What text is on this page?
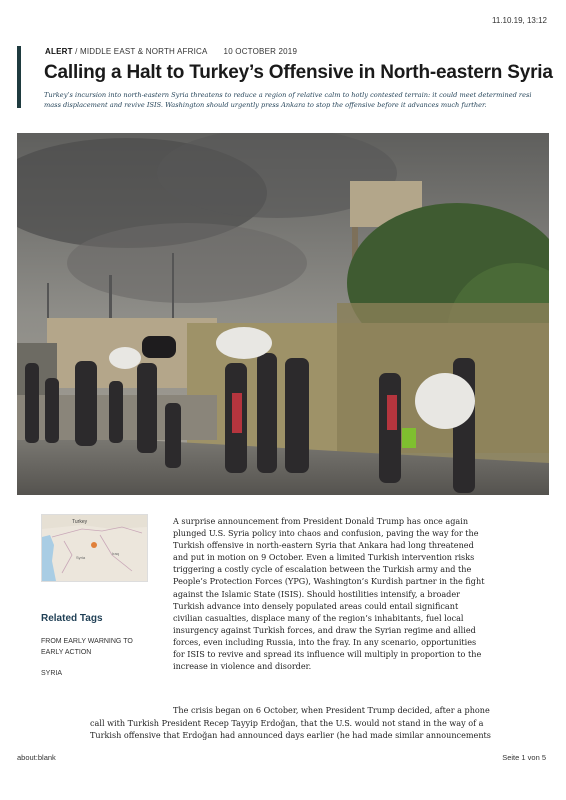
11.10.19, 13:12
ALERT / MIDDLE EAST & NORTH AFRICA 10 OCTOBER 2019
Calling a Halt to Turkey’s Offensive in North-eastern Syria
Turkey’s incursion into north-eastern Syria threatens to reduce a region of relative calm to hotly contested terrain: it could meet determined resi
mass displacement and revive ISIS. Washington should urgently press Ankara to stop the offensive before it advances much further.
Turkey
Syria
Iraq
Related Tags
FROM EARLY WARNING TO EARLY ACTION
SYRIA
A surprise announcement from President Donald Trump has once again
plunged U.S. Syria policy into chaos and confusion, paving the way for the
Turkish offensive in north-eastern Syria that Ankara had long threatened
and put in motion on 9 October. Even a limited Turkish intervention risks
triggering a costly cycle of escalation between the Turkish army and the
People’s Protection Forces (YPG), Washington’s Kurdish partner in the fight
against the Islamic State (ISIS). Should hostilities intensify, a broader
Turkish advance into densely populated areas could entail significant
civilian casualties, displace many of the region’s inhabitants, fuel local
insurgency against Turkish forces, and draw the Syrian regime and allied
forces, even including Russia, into the fray. In any scenario, opportunities
for ISIS to revive and spread its influence will multiply in proportion to the
increase in violence and disorder.
The crisis began on 6 October, when President Trump decided, after a phone
call with Turkish President Recep Tayyip Erdoğan, that the U.S. would not stand in the way of a
Turkish offensive that Erdoğan had announced days earlier (he had made similar announcements
about:blank	Seite 1 von 5
